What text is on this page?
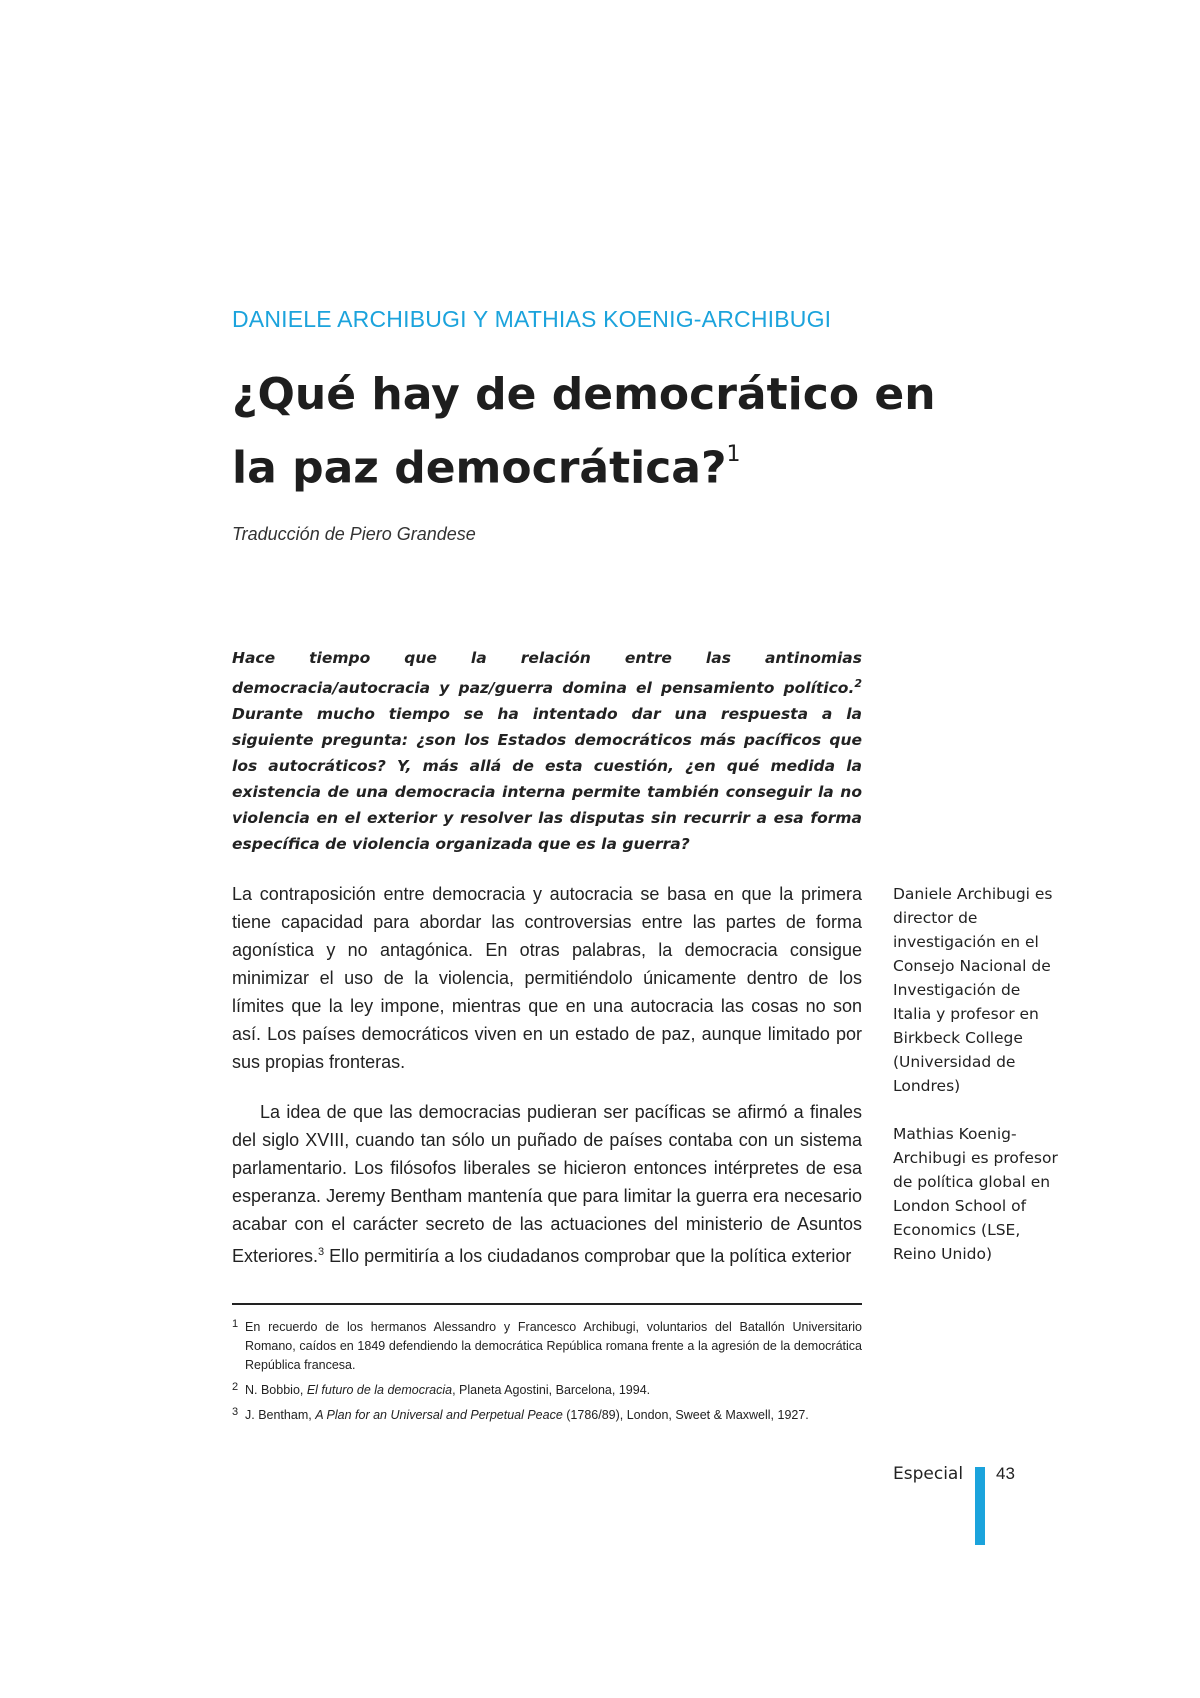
DANIELE ARCHIBUGI Y MATHIAS KOENIG-ARCHIBUGI
¿Qué hay de democrático en la paz democrática?$^1$
Traducción de Piero Grandese

Hace tiempo que la relación entre las antinomias democracia/autocracia y paz/guerra domina el pensamiento político.$^2$ Durante mucho tiempo se ha intentado dar una respuesta a la siguiente pregunta: ¿son los Estados democráticos más pacíficos que los autocráticos? Y, más allá de esta cuestión, ¿en qué medida la existencia de una democracia interna permite también conseguir la no violencia en el exterior y resolver las disputas sin recurrir a esa forma específica de violencia organizada que es la guerra?

La contraposición entre democracia y autocracia se basa en que la primera tiene capacidad para abordar las controversias entre las partes de forma agonística y no antagónica. En otras palabras, la democracia consigue minimizar el uso de la violencia, permitiéndolo únicamente dentro de los límites que la ley impone, mientras que en una autocracia las cosas no son así. Los países democráticos viven en un estado de paz, aunque limitado por sus propias fronteras.

La idea de que las democracias pudieran ser pacíficas se afirmó a finales del siglo XVIII, cuando tan sólo un puñado de países contaba con un sistema parlamentario. Los filósofos liberales se hicieron entonces intérpretes de esa esperanza. Jeremy Bentham mantenía que para limitar la guerra era necesario acabar con el carácter secreto de las actuaciones del ministerio de Asuntos Exteriores.$^3$ Ello permitiría a los ciudadanos comprobar que la política exterior

Daniele Archibugi es director de investigación en el Consejo Nacional de Investigación de Italia y profesor en Birkbeck College (Universidad de Londres)

Mathias Koenig-Archibugi es profesor de política global en London School of Economics (LSE, Reino Unido)

1 En recuerdo de los hermanos Alessandro y Francesco Archibugi, voluntarios del Batallón Universitario Romano, caídos en 1849 defendiendo la democrática República romana frente a la agresión de la democrática República francesa.
2 N. Bobbio, El futuro de la democracia, Planeta Agostini, Barcelona, 1994.
3 J. Bentham, A Plan for an Universal and Perpetual Peace (1786/89), London, Sweet & Maxwell, 1927.
Especial 43
